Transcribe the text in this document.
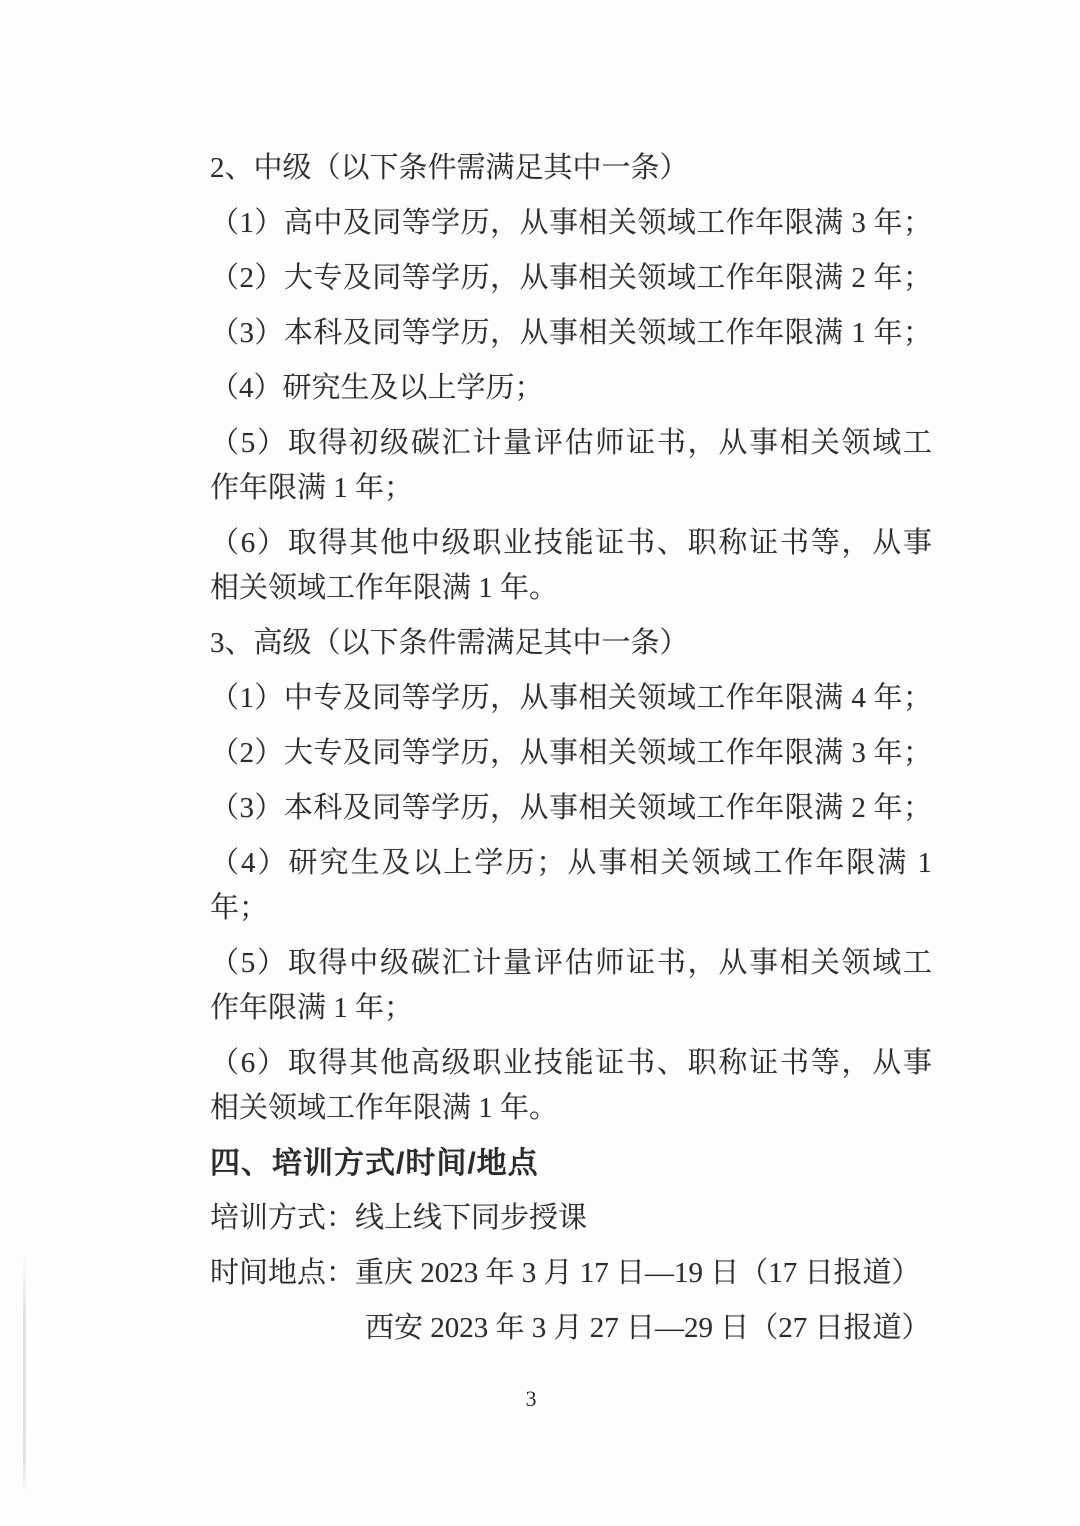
2、中级（以下条件需满足其中一条）
（1）高中及同等学历，从事相关领域工作年限满 3 年；
（2）大专及同等学历，从事相关领域工作年限满 2 年；
（3）本科及同等学历，从事相关领域工作年限满 1 年；
（4）研究生及以上学历；
（5）取得初级碳汇计量评估师证书，从事相关领域工
作年限满 1 年；
（6）取得其他中级职业技能证书、职称证书等，从事
相关领域工作年限满 1 年。
3、高级（以下条件需满足其中一条）
（1）中专及同等学历，从事相关领域工作年限满 4 年；
（2）大专及同等学历，从事相关领域工作年限满 3 年；
（3）本科及同等学历，从事相关领域工作年限满 2 年；
（4）研究生及以上学历；从事相关领域工作年限满 1
年；
（5）取得中级碳汇计量评估师证书，从事相关领域工
作年限满 1 年；
（6）取得其他高级职业技能证书、职称证书等，从事
相关领域工作年限满 1 年。
四、培训方式/时间/地点
培训方式：线上线下同步授课
时间地点：重庆 2023 年 3 月 17 日—19 日（17 日报道）
西安 2023 年 3 月 27 日—29 日（27 日报道）
3
